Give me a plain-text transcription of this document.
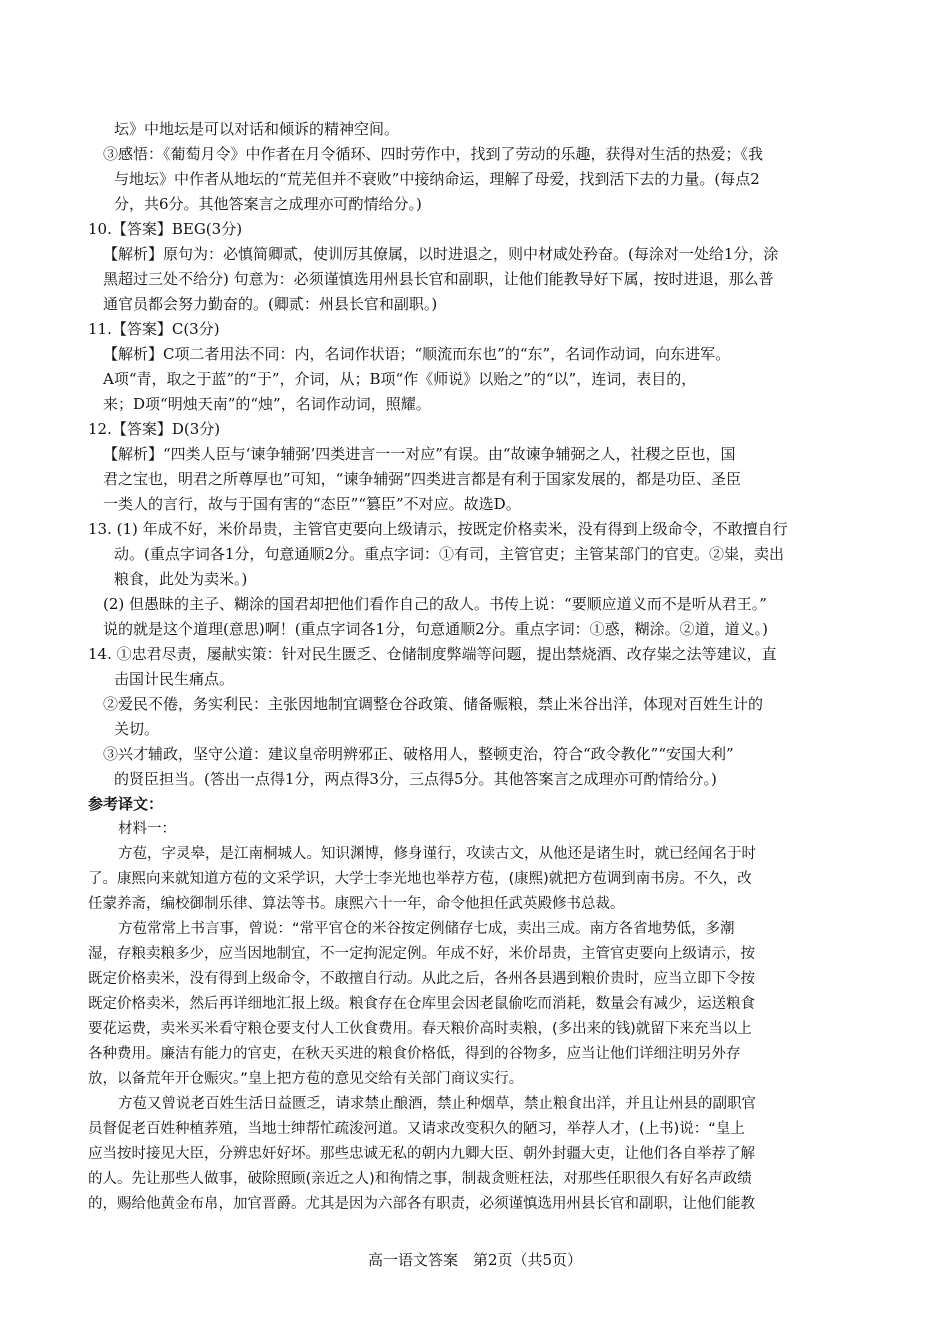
坛》中地坛是可以对话和倾诉的精神空间。
③感悟：《葡萄月令》中作者在月令循环、四时劳作中，找到了劳动的乐趣，获得对生活的热爱；《我
与地坛》中作者从地坛的“荒芜但并不衰败”中接纳命运，理解了母爱，找到活下去的力量。(每点2
分，共6分。其他答案言之成理亦可酌情给分。)
10.【答案】BEG(3分)
【解析】原句为：必慎简卿贰，使训厉其僚属，以时进退之，则中材咸处矜奋。(每涂对一处给1分，涂
黑超过三处不给分) 句意为：必须谨慎选用州县长官和副职，让他们能教导好下属，按时进退，那么普
通官员都会努力勤奋的。(卿贰：州县长官和副职。)
11.【答案】C(3分)
【解析】C项二者用法不同：内，名词作状语；“顺流而东也”的“东”，名词作动词，向东进军。
A项“青，取之于蓝”的“于”，介词，从；B项“作《师说》以贻之”的“以”，连词，表目的，
来；D项“明烛天南”的“烛”，名词作动词，照耀。
12.【答案】D(3分)
【解析】“四类人臣与‘谏争辅弼’四类进言一一对应”有误。由“故谏争辅弼之人，社稷之臣也，国
君之宝也，明君之所尊厚也”可知，“谏争辅弼”四类进言都是有利于国家发展的，都是功臣、圣臣
一类人的言行，故与于国有害的“态臣”“篡臣”不对应。故选D。
13. (1) 年成不好，米价昂贵，主管官吏要向上级请示，按既定价格卖米，没有得到上级命令，不敢擅自行
动。(重点字词各1分，句意通顺2分。重点字词：①有司，主管官吏；主管某部门的官吏。②粜，卖出
粮食，此处为卖米。)
(2) 但愚昧的主子、糊涂的国君却把他们看作自己的敌人。书传上说：“要顺应道义而不是听从君王。”
说的就是这个道理(意思)啊！(重点字词各1分，句意通顺2分。重点字词：①惑，糊涂。②道，道义。)
14. ①忠君尽责，屡献实策：针对民生匮乏、仓储制度弊端等问题，提出禁烧酒、改存粜之法等建议，直
击国计民生痛点。
②爱民不倦，务实利民：主张因地制宜调整仓谷政策、储备赈粮，禁止米谷出洋，体现对百姓生计的
关切。
③兴才辅政，坚守公道：建议皇帝明辨邪正、破格用人，整顿吏治，符合“政令教化”“安国大利”
的贤臣担当。(答出一点得1分，两点得3分，三点得5分。其他答案言之成理亦可酌情给分。)
参考译文：
材料一：
方苞，字灵皋，是江南桐城人。知识渊博，修身谨行，攻读古文，从他还是诸生时，就已经闻名于时
了。康熙向来就知道方苞的文采学识，大学士李光地也举荐方苞，(康熙)就把方苞调到南书房。不久，改
任蒙养斋，编校御制乐律、算法等书。康熙六十一年，命令他担任武英殿修书总裁。
方苞常常上书言事，曾说：“常平官仓的米谷按定例储存七成，卖出三成。南方各省地势低，多潮
湿，存粮卖粮多少，应当因地制宜，不一定拘泥定例。年成不好，米价昂贵，主管官吏要向上级请示，按
既定价格卖米，没有得到上级命令，不敢擅自行动。从此之后，各州各县遇到粮价贵时，应当立即下令按
既定价格卖米，然后再详细地汇报上级。粮食存在仓库里会因老鼠偷吃而消耗，数量会有减少，运送粮食
要花运费，卖米买米看守粮仓要支付人工伙食费用。春天粮价高时卖粮，(多出来的钱)就留下来充当以上
各种费用。廉洁有能力的官吏，在秋天买进的粮食价格低，得到的谷物多，应当让他们详细注明另外存
放，以备荒年开仓赈灾。”皇上把方苞的意见交给有关部门商议实行。
方苞又曾说老百姓生活日益匮乏，请求禁止酿酒，禁止种烟草，禁止粮食出洋，并且让州县的副职官
员督促老百姓种植荞殖，当地士绅帮忙疏浚河道。又请求改变积久的陋习，举荐人才，(上书)说：“皇上
应当按时接见大臣，分辨忠奸好坏。那些忠诚无私的朝内九卿大臣、朝外封疆大吏，让他们各自举荐了解
的人。先让那些人做事，破除照顾(亲近之人)和徇情之事，制裁贪赃枉法，对那些任职很久有好名声政绩
的，赐给他黄金布帛，加官晋爵。尤其是因为六部各有职责，必须谨慎选用州县长官和副职，让他们能教
高一语文答案　第2页（共5页）
